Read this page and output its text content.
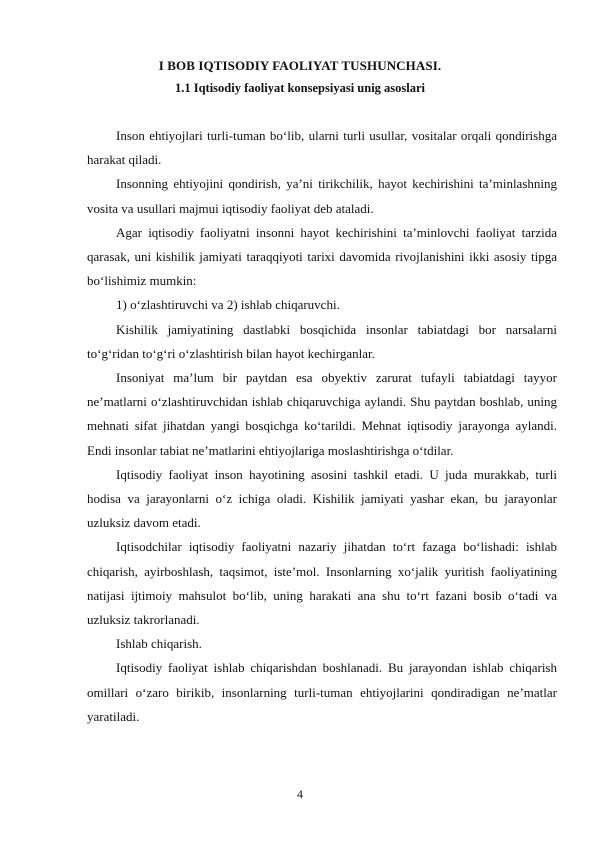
I BOB IQTISODIY FAOLIYAT TUSHUNCHASI.
1.1 Iqtisodiy faoliyat konsepsiyasi unig asoslari

Inson ehtiyojlari turli-tuman bo‘lib, ularni turli usullar, vositalar orqali qondirishga harakat qiladi.

Insonning ehtiyojini qondirish, ya’ni tirikchilik, hayot kechirishini ta’minlashning vosita va usullari majmui iqtisodiy faoliyat deb ataladi.

Agar iqtisodiy faoliyatni insonni hayot kechirishini ta’minlovchi faoliyat tarzida qarasak, uni kishilik jamiyati taraqqiyoti tarixi davomida rivojlanishini ikki asosiy tipga bo‘lishimiz mumkin:

1) o‘zlashtiruvchi va 2) ishlab chiqaruvchi.

Kishilik jamiyatining dastlabki bosqichida insonlar tabiatdagi bor narsalarni to‘g‘ridan to‘g‘ri o‘zlashtirish bilan hayot kechirganlar.

Insoniyat ma’lum bir paytdan esa obyektiv zarurat tufayli tabiatdagi tayyor ne’matlarni o‘zlashtiruvchidan ishlab chiqaruvchiga aylandi. Shu paytdan boshlab, uning mehnati sifat jihatdan yangi bosqichga ko‘tarildi. Mehnat iqtisodiy jarayonga aylandi. Endi insonlar tabiat ne’matlarini ehtiyojlariga moslashtirishga o‘tdilar.

Iqtisodiy faoliyat inson hayotining asosini tashkil etadi. U juda murakkab, turli hodisa va jarayonlarni o‘z ichiga oladi. Kishilik jamiyati yashar ekan, bu jarayonlar uzluksiz davom etadi.

Iqtisodchilar iqtisodiy faoliyatni nazariy jihatdan to‘rt fazaga bo‘lishadi: ishlab chiqarish, ayirboshlash, taqsimot, iste’mol. Insonlarning xo‘jalik yuritish faoliyatining natijasi ijtimoiy mahsulot bo‘lib, uning harakati ana shu to‘rt fazani bosib o‘tadi va uzluksiz takrorlanadi.

Ishlab chiqarish.

Iqtisodiy faoliyat ishlab chiqarishdan boshlanadi. Bu jarayondan ishlab chiqarish omillari o‘zaro birikib, insonlarning turli-tuman ehtiyojlarini qondiradigan ne’matlar yaratiladi.

4
